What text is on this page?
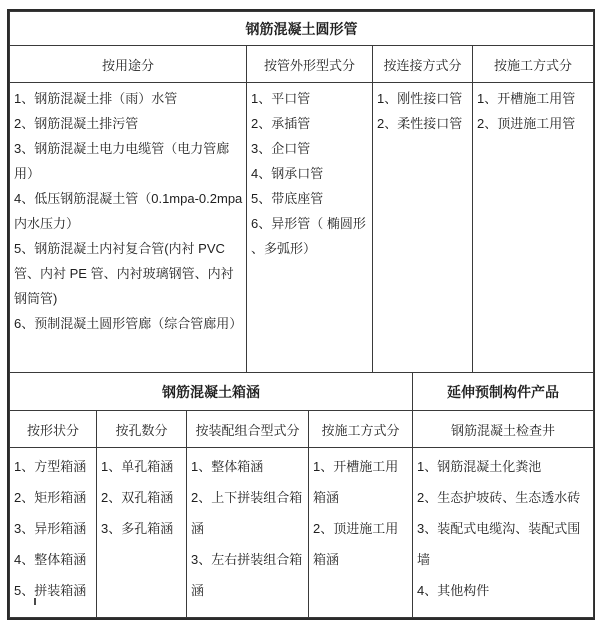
钢筋混凝土圆形管			
按用途分	按管外形型式分	按连接方式分	按施工方式分

1、钢筋混凝土排（雨）水管
2、钢筋混凝土排污管
3、钢筋混凝土电力电缆管（电力管廊用）
4、低压钢筋混凝土管（0.1mpa-0.2mpa内水压力）
5、钢筋混凝土内衬复合管(内衬 PVC 管、内衬 PE 管、内衬玻璃钢管、内衬钢筒管)
6、预制混凝土圆形管廊（综合管廊用）

1、平口管
2、承插管
3、企口管
4、钢承口管
5、带底座管
6、异形管（ 椭圆形 、多弧形）

1、刚性接口管
2、柔性接口管

1、开槽施工用管
2、顶进施工用管
钢筋混凝土箱涵				延伸预制构件产品
按形状分	按孔数分	按装配组合型式分	按施工方式分	钢筋混凝土检查井

1、方型箱涵
2、矩形箱涵
3、异形箱涵
4、整体箱涵
5、拼装箱涵

1、单孔箱涵
2、双孔箱涵
3、多孔箱涵

1、整体箱涵
2、上下拼装组合箱涵
3、左右拼装组合箱涵

1、开槽施工用箱涵
2、顶进施工用箱涵

1、钢筋混凝土化粪池
2、生态护坡砖、生态透水砖
3、装配式电缆沟、装配式围墙
4、其他构件
